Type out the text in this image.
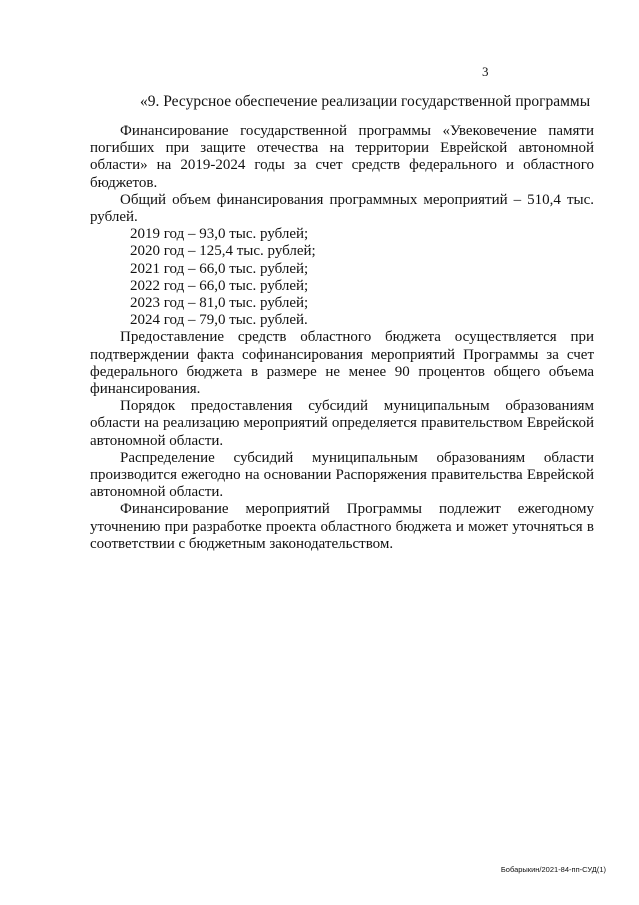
3
«9. Ресурсное обеспечение реализации государственной программы

Финансирование государственной программы «Увековечение памяти погибших при защите отечества на территории Еврейской автономной области» на 2019-2024 годы за счет средств федерального и областного бюджетов.

Общий объем финансирования программных мероприятий – 510,4 тыс. рублей.

2019 год – 93,0 тыс. рублей;
2020 год – 125,4 тыс. рублей;
2021 год – 66,0 тыс. рублей;
2022 год – 66,0 тыс. рублей;
2023 год – 81,0 тыс. рублей;
2024 год – 79,0 тыс. рублей.

Предоставление средств областного бюджета осуществляется при подтверждении факта софинансирования мероприятий Программы за счет федерального бюджета в размере не менее 90 процентов общего объема финансирования.

Порядок предоставления субсидий муниципальным образованиям области на реализацию мероприятий определяется правительством Еврейской автономной области.

Распределение субсидий муниципальным образованиям области производится ежегодно на основании Распоряжения правительства Еврейской автономной области.

Финансирование мероприятий Программы подлежит ежегодному уточнению при разработке проекта областного бюджета и может уточняться в соответствии с бюджетным законодательством.

Бобарыкин/2021-84-пп-СУД(1)
